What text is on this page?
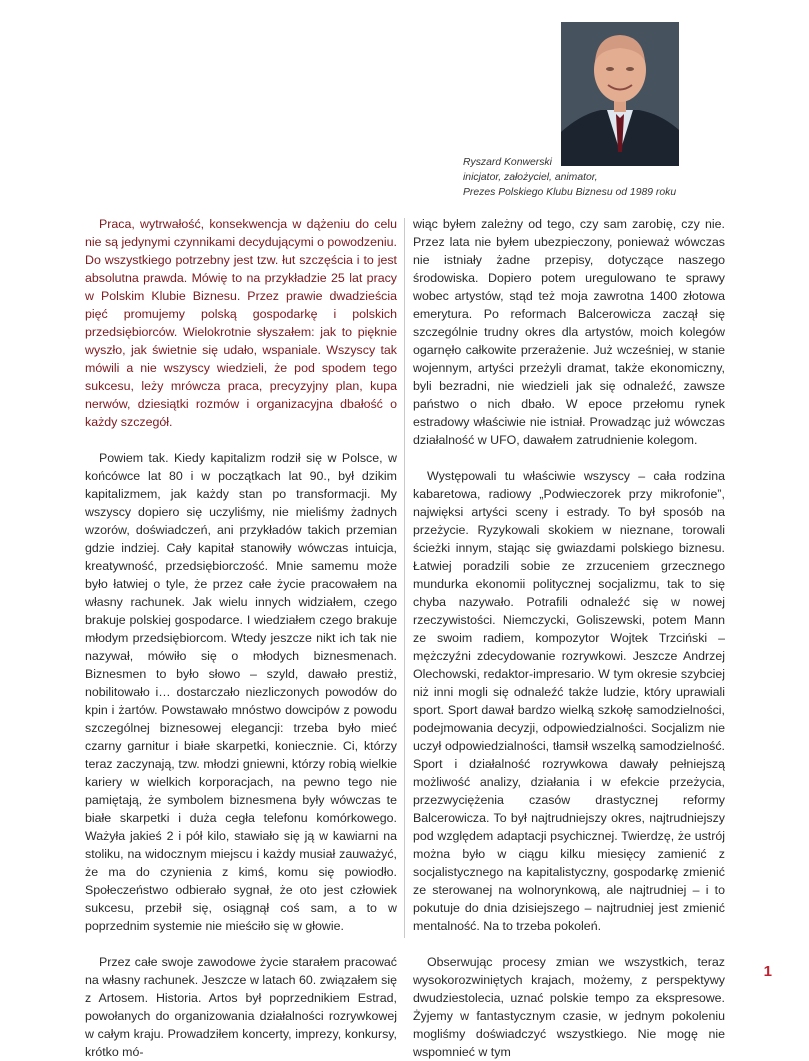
Ryszard Konwerski
inicjator, założyciel, animator,
Prezes Polskiego Klubu Biznesu od 1989 roku

Praca, wytrwałość, konsekwencja w dążeniu do celu nie są jedynymi czynnikami decydującymi o powodzeniu. Do wszystkiego potrzebny jest tzw. łut szczęścia i to jest absolutna prawda. Mówię to na przykładzie 25 lat pracy w Polskim Klubie Biznesu. Przez prawie dwadzieścia pięć promujemy polską gospodarkę i polskich przedsiębiorców. Wielokrotnie słyszałem: jak to pięknie wyszło, jak świetnie się udało, wspaniale. Wszyscy tak mówili a nie wszyscy wiedzieli, że pod spodem tego sukcesu, leży mrówcza praca, precyzyjny plan, kupa nerwów, dziesiątki rozmów i organizacyjna dbałość o każdy szczegół.

Powiem tak. Kiedy kapitalizm rodził się w Polsce, w końcówce lat 80 i w początkach lat 90., był dzikim kapitalizmem, jak każdy stan po transformacji. My wszyscy dopiero się uczyliśmy, nie mieliśmy żadnych wzorów, doświadczeń, ani przykładów takich przemian gdzie indziej. Cały kapitał stanowiły wówczas intuicja, kreatywność, przedsiębiorczość. Mnie samemu może było łatwiej o tyle, że przez całe życie pracowałem na własny rachunek. Jak wielu innych widziałem, czego brakuje polskiej gospodarce. I wiedziałem czego brakuje młodym przedsiębiorcom. Wtedy jeszcze nikt ich tak nie nazywał, mówiło się o młodych biznesmenach. Biznesmen to było słowo – szyld, dawało prestiż, nobilitowało i… dostarczało niezliczonych powodów do kpin i żartów. Powstawało mnóstwo dowcipów z powodu szczególnej biznesowej elegancji: trzeba było mieć czarny garnitur i białe skarpetki, koniecznie. Ci, którzy teraz zaczynają, tzw. młodzi gniewni, którzy robią wielkie kariery w wielkich korporacjach, na pewno tego nie pamiętają, że symbolem biznesmena były wówczas te białe skarpetki i duża cegła telefonu komórkowego. Ważyła jakieś 2 i pół kilo, stawiało się ją w kawiarni na stoliku, na widocznym miejscu i każdy musiał zauważyć, że ma do czynienia z kimś, komu się powiodło. Społeczeństwo odbierało sygnał, że oto jest człowiek sukcesu, przebił się, osiągnął coś sam, a to w poprzednim systemie nie mieściło się w głowie.

Przez całe swoje zawodowe życie starałem pracować na własny rachunek. Jeszcze w latach 60. związałem się z Artosem. Historia. Artos był poprzednikiem Estrad, powołanych do organizowania działalności rozrywkowej w całym kraju. Prowadziłem koncerty, imprezy, konkursy, krótko mó-

wiąc byłem zależny od tego, czy sam zarobię, czy nie. Przez lata nie byłem ubezpieczony, ponieważ wówczas nie istniały żadne przepisy, dotyczące naszego środowiska. Dopiero potem uregulowano te sprawy wobec artystów, stąd też moja zawrotna 1400 złotowa emerytura. Po reformach Balcerowicza zaczął się szczególnie trudny okres dla artystów, moich kolegów ogarnęło całkowite przerażenie. Już wcześniej, w stanie wojennym, artyści przeżyli dramat, także ekonomiczny, byli bezradni, nie wiedzieli jak się odnaleźć, zawsze państwo o nich dbało. W epoce przełomu rynek estradowy właściwie nie istniał. Prowadząc już wówczas działalność w UFO, dawałem zatrudnienie kolegom.

Występowali tu właściwie wszyscy – cała rodzina kabaretowa, radiowy „Podwieczorek przy mikrofonie”, najwięksi artyści sceny i estrady. To był sposób na przeżycie. Ryzykowali skokiem w nieznane, torowali ścieżki innym, stając się gwiazdami polskiego biznesu. Łatwiej poradzili sobie ze zrzuceniem grzecznego mundurka ekonomii politycznej socjalizmu, tak to się chyba nazywało. Potrafili odnaleźć się w nowej rzeczywistości. Niemczycki, Goliszewski, potem Mann ze swoim radiem, kompozytor Wojtek Trzciński – mężczyźni zdecydowanie rozrywkowi. Jeszcze Andrzej Olechowski, redaktor-impresario. W tym okresie szybciej niż inni mogli się odnaleźć także ludzie, który uprawiali sport. Sport dawał bardzo wielką szkołę samodzielności, podejmowania decyzji, odpowiedzialności. Socjalizm nie uczył odpowiedzialności, tłamsił wszelką samodzielność. Sport i działalność rozrywkowa dawały pełniejszą możliwość analizy, działania i w efekcie przeżycia, przezwyciężenia czasów drastycznej reformy Balcerowicza. To był najtrudniejszy okres, najtrudniejszy pod względem adaptacji psychicznej. Twierdzę, że ustrój można było w ciągu kilku miesięcy zamienić z socjalistycznego na kapitalistyczny, gospodarkę zmienić ze sterowanej na wolnorynkową, ale najtrudniej – i to pokutuje do dnia dzisiejszego – najtrudniej jest zmienić mentalność. Na to trzeba pokoleń.

Obserwując procesy zmian we wszystkich, teraz wysokorozwiniętych krajach, możemy, z perspektywy dwudziestolecia, uznać polskie tempo za ekspresowe. Żyjemy w fantastycznym czasie, w jednym pokoleniu mogliśmy doświadczyć wszystkiego. Nie mogę nie wspomnieć w tym

1
